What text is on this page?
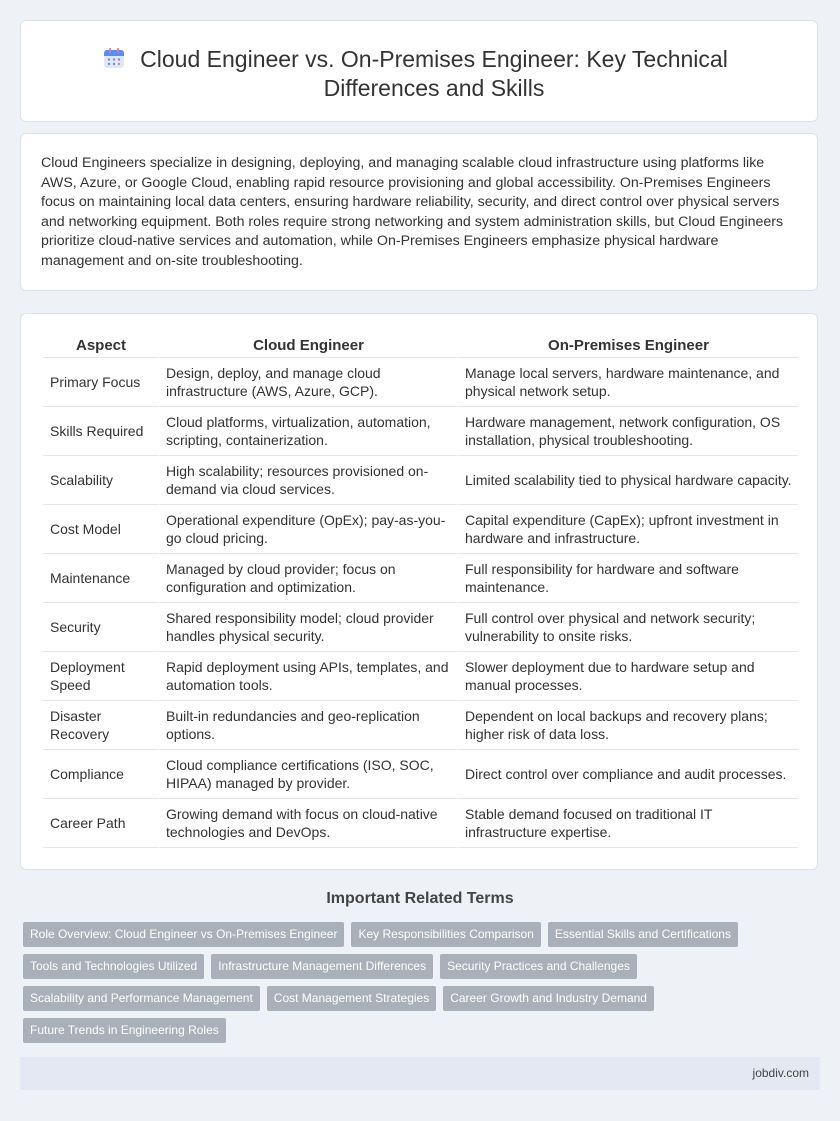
Cloud Engineer vs. On-Premises Engineer: Key Technical Differences and Skills

Cloud Engineers specialize in designing, deploying, and managing scalable cloud infrastructure using platforms like AWS, Azure, or Google Cloud, enabling rapid resource provisioning and global accessibility. On-Premises Engineers focus on maintaining local data centers, ensuring hardware reliability, security, and direct control over physical servers and networking equipment. Both roles require strong networking and system administration skills, but Cloud Engineers prioritize cloud-native services and automation, while On-Premises Engineers emphasize physical hardware management and on-site troubleshooting.

Aspect	Cloud Engineer	On-Premises Engineer
Primary Focus	Design, deploy, and manage cloud infrastructure (AWS, Azure, GCP).	Manage local servers, hardware maintenance, and physical network setup.
Skills Required	Cloud platforms, virtualization, automation, scripting, containerization.	Hardware management, network configuration, OS installation, physical troubleshooting.
Scalability	High scalability; resources provisioned on-demand via cloud services.	Limited scalability tied to physical hardware capacity.
Cost Model	Operational expenditure (OpEx); pay-as-you-go cloud pricing.	Capital expenditure (CapEx); upfront investment in hardware and infrastructure.
Maintenance	Managed by cloud provider; focus on configuration and optimization.	Full responsibility for hardware and software maintenance.
Security	Shared responsibility model; cloud provider handles physical security.	Full control over physical and network security; vulnerability to onsite risks.
Deployment Speed	Rapid deployment using APIs, templates, and automation tools.	Slower deployment due to hardware setup and manual processes.
Disaster Recovery	Built-in redundancies and geo-replication options.	Dependent on local backups and recovery plans; higher risk of data loss.
Compliance	Cloud compliance certifications (ISO, SOC, HIPAA) managed by provider.	Direct control over compliance and audit processes.
Career Path	Growing demand with focus on cloud-native technologies and DevOps.	Stable demand focused on traditional IT infrastructure expertise.
Important Related Terms
Role Overview: Cloud Engineer vs On-Premises Engineer	Key Responsibilities Comparison	Essential Skills and Certifications
Tools and Technologies Utilized	Infrastructure Management Differences	Security Practices and Challenges
Scalability and Performance Management	Cost Management Strategies	Career Growth and Industry Demand
Future Trends in Engineering Roles
jobdiv.com
